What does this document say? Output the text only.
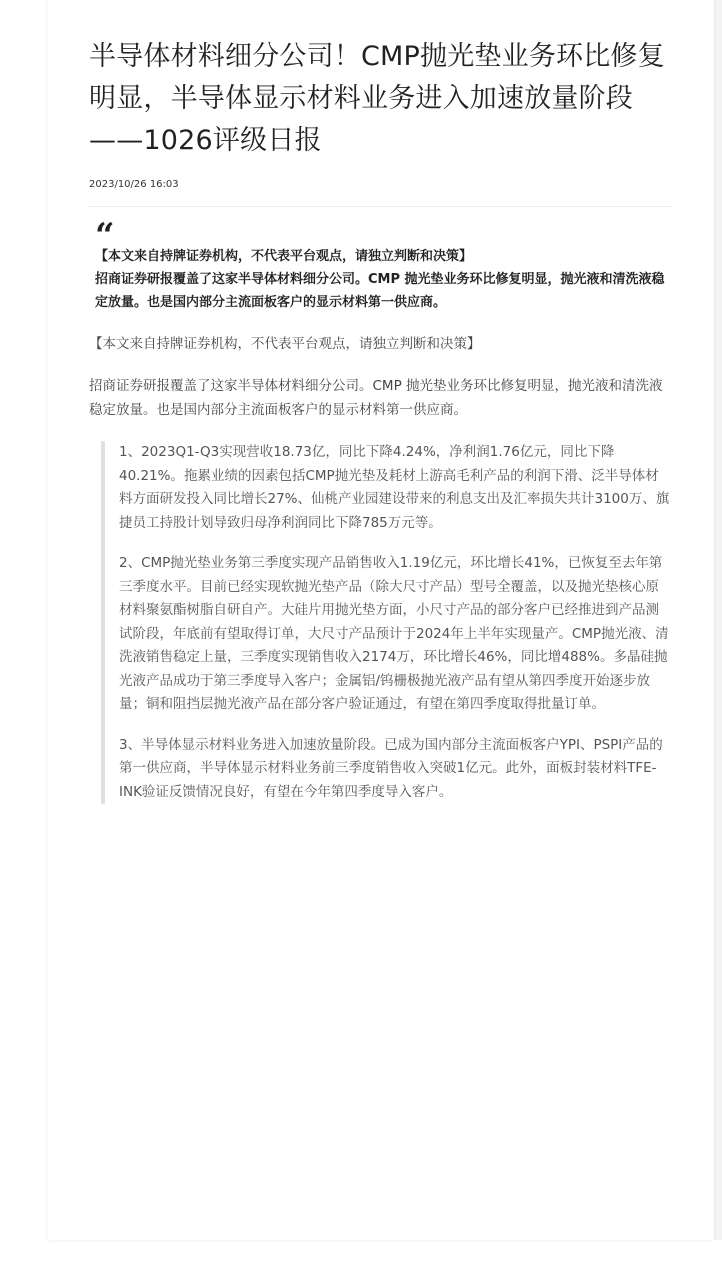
半导体材料细分公司！CMP抛光垫业务环比修复明显，半导体显示材料业务进入加速放量阶段——1026评级日报
2023/10/26 16:03
“
【本文来自持牌证券机构，不代表平台观点，请独立判断和决策】
招商证券研报覆盖了这家半导体材料细分公司。CMP 抛光垫业务环比修复明显，抛光液和清洗液稳定放量。也是国内部分主流面板客户的显示材料第一供应商。

【本文来自持牌证券机构，不代表平台观点，请独立判断和决策】

招商证券研报覆盖了这家半导体材料细分公司。CMP 抛光垫业务环比修复明显，抛光液和清洗液稳定放量。也是国内部分主流面板客户的显示材料第一供应商。

1、2023Q1-Q3实现营收18.73亿，同比下降4.24%，净利润1.76亿元，同比下降40.21%。拖累业绩的因素包括CMP抛光垫及耗材上游高毛利产品的利润下滑、泛半导体材料方面研发投入同比增长27%、仙桃产业园建设带来的利息支出及汇率损失共计3100万、旗捷员工持股计划导致归母净利润同比下降785万元等。

2、CMP抛光垫业务第三季度实现产品销售收入1.19亿元，环比增长41%，已恢复至去年第三季度水平。目前已经实现软抛光垫产品（除大尺寸产品）型号全覆盖，以及抛光垫核心原材料聚氨酯树脂自研自产。大硅片用抛光垫方面，小尺寸产品的部分客户已经推进到产品测试阶段，年底前有望取得订单，大尺寸产品预计于2024年上半年实现量产。CMP抛光液、清洗液销售稳定上量，三季度实现销售收入2174万，环比增长46%，同比增488%。多晶硅抛光液产品成功于第三季度导入客户；金属铝/钨栅极抛光液产品有望从第四季度开始逐步放量；铜和阻挡层抛光液产品在部分客户验证通过，有望在第四季度取得批量订单。

3、半导体显示材料业务进入加速放量阶段。已成为国内部分主流面板客户YPI、PSPI产品的第一供应商，半导体显示材料业务前三季度销售收入突破1亿元。此外，面板封装材料TFE-INK验证反馈情况良好，有望在今年第四季度导入客户。
